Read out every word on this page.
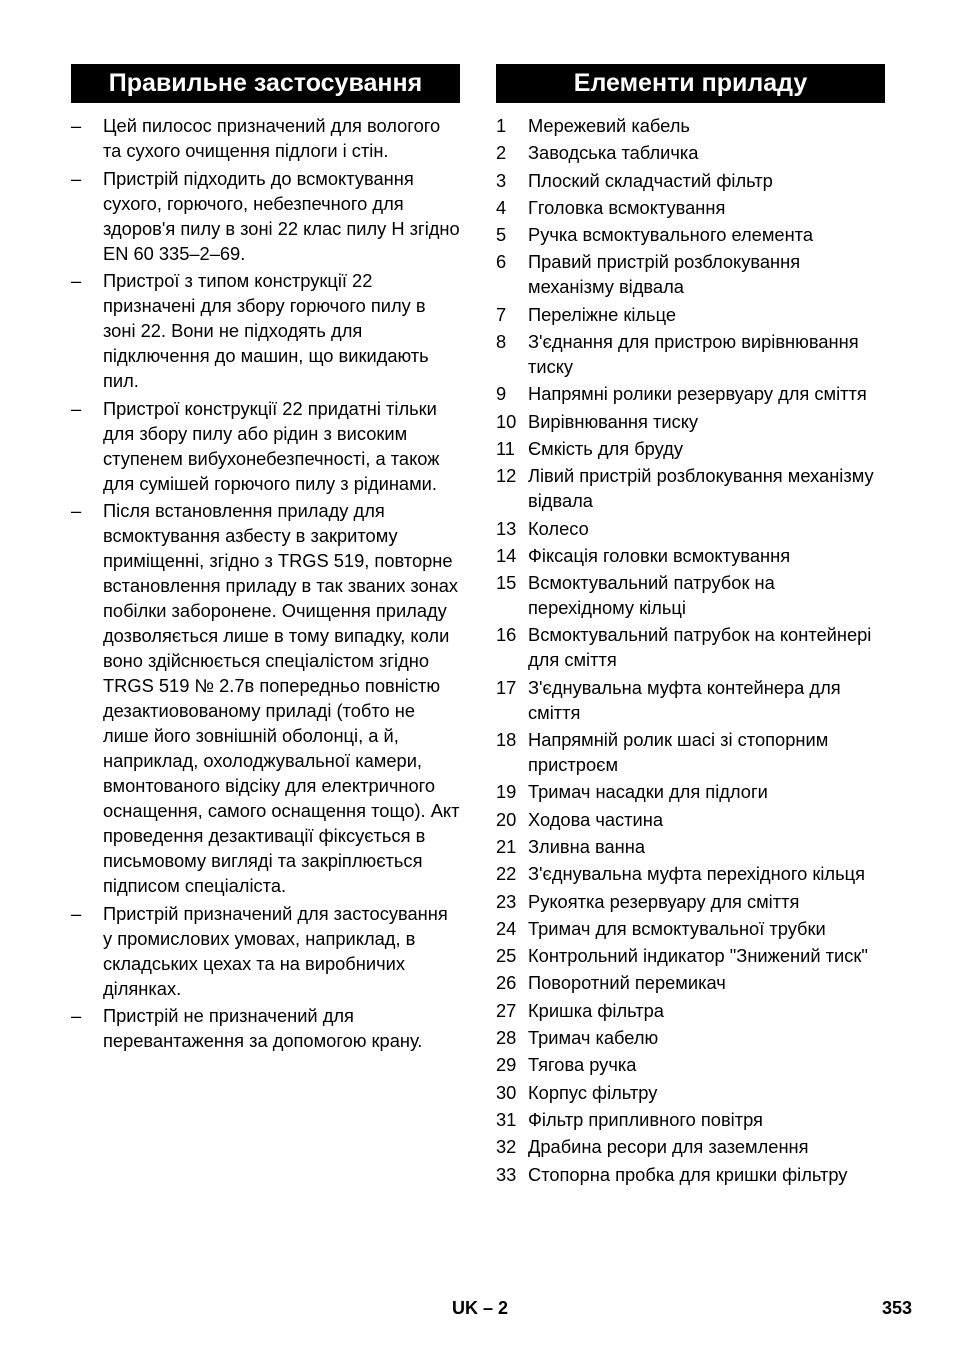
Правильне застосування
–	Цей пилосос призначений для вологого та сухого очищення підлоги і стін.
–	Пристрій підходить до всмоктування сухого, горючого, небезпечного для здоров'я пилу в зоні 22 клас пилу H згідно EN 60 335–2–69.
–	Пристрої з типом конструкції 22 призначені для збору горючого пилу в зоні 22. Вони не підходять для підключення до машин, що викидають пил.
–	Пристрої конструкції 22 придатні тільки для збору пилу або рідин з високим ступенем вибухонебезпечності, а також для сумішей горючого пилу з рідинами.
–	Після встановлення приладу для всмоктування азбесту в закритому приміщенні, згідно з TRGS 519, повторне встановлення приладу в так званих зонах побілки заборонене. Очищення приладу дозволяється лише в тому випадку, коли воно здійснюється спеціалістом згідно TRGS 519 № 2.7в попередньо повністю дезактиовованому приладі (тобто не лише його зовнішній оболонці, а й, наприклад, охолоджувальної камери, вмонтованого відсіку для електричного оснащення, самого оснащення тощо). Акт проведення дезактивації фіксується в письмовому вигляді та закріплюється підписом спеціаліста.
–	Пристрій призначений для застосування у промислових умовах, наприклад, в складських цехах та на виробничих ділянках.
–	Пристрій не призначений для перевантаження за допомогою крану.
Елементи приладу
1	Мережевий кабель
2	Заводська табличка
3	Плоский складчастий фільтр
4	Гголовка всмоктування
5	Ручка всмоктувального елемента
6	Правий пристрій розблокування механізму відвала
7	Переліжне кільце
8	З'єднання для пристрою вирівнювання тиску
9	Напрямні ролики резервуару для сміття
10 Вирівнювання тиску
11 Ємкість для бруду
12 Лівий пристрій розблокування механізму відвала
13 Колесо
14 Фіксація головки всмоктування
15 Всмоктувальний патрубок на перехідному кільці
16 Всмоктувальний патрубок на контейнері для сміття
17 З'єднувальна муфта контейнера для сміття
18 Напрямній ролик шасі зі стопорним пристроєм
19 Тримач насадки для підлоги
20 Ходова частина
21 Зливна ванна
22 З'єднувальна муфта перехідного кільця
23 Рукоятка резервуару для сміття
24 Тримач для всмоктувальної трубки
25 Контрольний індикатор "Знижений тиск"
26 Поворотний перемикач
27 Кришка фільтра
28 Тримач кабелю
29 Тягова ручка
30 Корпус фільтру
31 Фільтр припливного повітря
32 Драбина ресори для заземлення
33 Стопорна пробка для кришки фільтру
UK – 2	353
